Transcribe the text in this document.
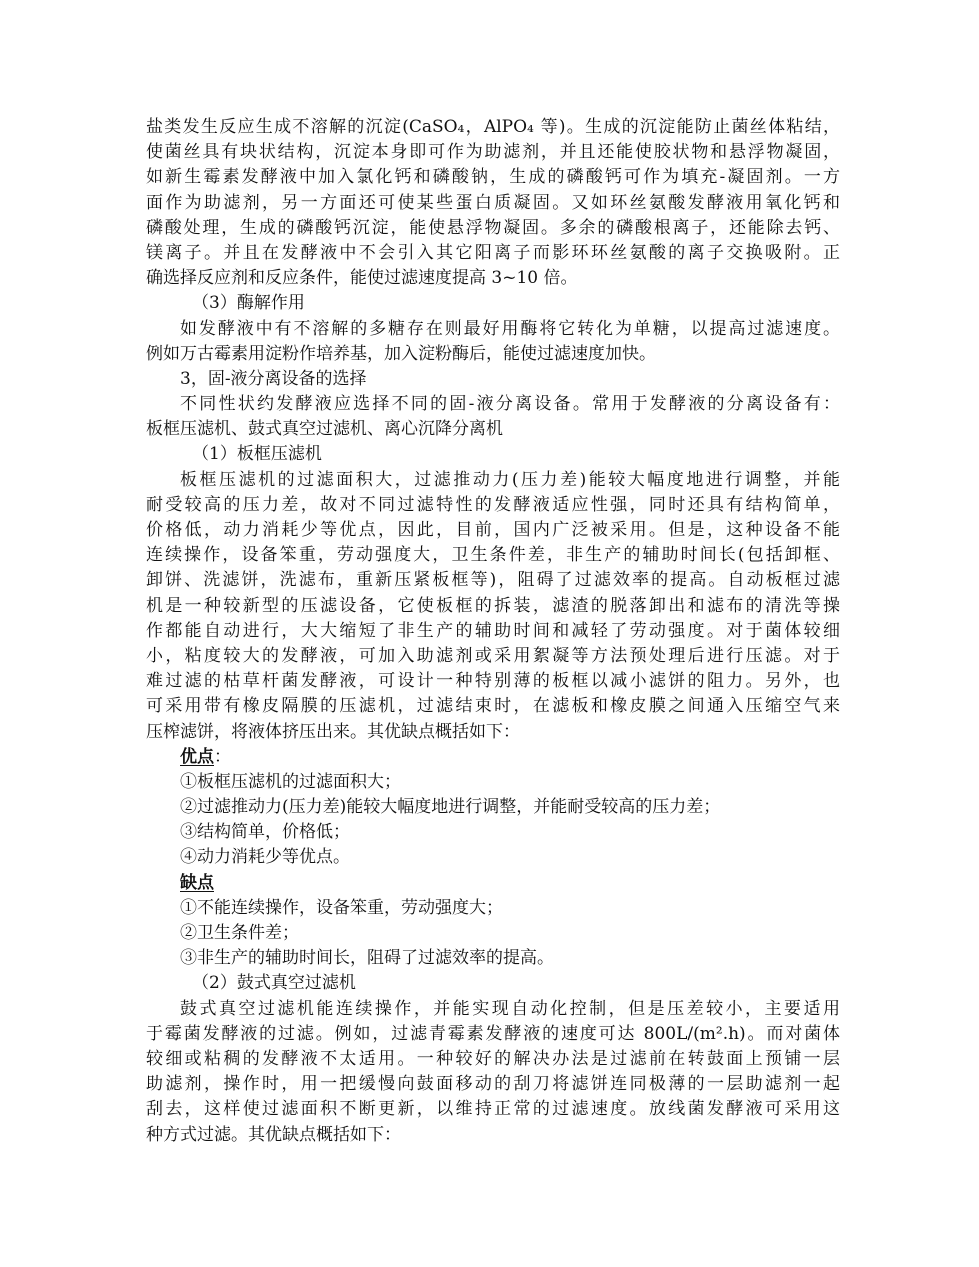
盐类发生反应生成不溶解的沉淀(CaSO₄，AlPO₄ 等)。生成的沉淀能防止菌丝体粘结，
使菌丝具有块状结构，沉淀本身即可作为助滤剂，并且还能使胶状物和悬浮物凝固，
如新生霉素发酵液中加入氯化钙和磷酸钠，生成的磷酸钙可作为填充-凝固剂。一方
面作为助滤剂，另一方面还可使某些蛋白质凝固。又如环丝氨酸发酵液用氧化钙和
磷酸处理，生成的磷酸钙沉淀，能使悬浮物凝固。多余的磷酸根离子，还能除去钙、
镁离子。并且在发酵液中不会引入其它阳离子而影环环丝氨酸的离子交换吸附。正
确选择反应剂和反应条件，能使过滤速度提高 3~10 倍。
（3）酶解作用
如发酵液中有不溶解的多糖存在则最好用酶将它转化为单糖，以提高过滤速度。
例如万古霉素用淀粉作培养基，加入淀粉酶后，能使过滤速度加快。
3，固-液分离设备的选择
不同性状约发酵液应选择不同的固-液分离设备。常用于发酵液的分离设备有：
板框压滤机、鼓式真空过滤机、离心沉降分离机
（1）板框压滤机
板框压滤机的过滤面积大，过滤推动力(压力差)能较大幅度地进行调整，并能
耐受较高的压力差，故对不同过滤特性的发酵液适应性强，同时还具有结构简单，
价格低，动力消耗少等优点，因此，目前，国内广泛被采用。但是，这种设备不能
连续操作，设备笨重，劳动强度大，卫生条件差，非生产的辅助时间长(包括卸框、
卸饼、洗滤饼，洗滤布，重新压紧板框等)，阻碍了过滤效率的提高。自动板框过滤
机是一种较新型的压滤设备，它使板框的拆装，滤渣的脱落卸出和滤布的清洗等操
作都能自动进行，大大缩短了非生产的辅助时间和减轻了劳动强度。对于菌体较细
小，粘度较大的发酵液，可加入助滤剂或采用絮凝等方法预处理后进行压滤。对于
难过滤的枯草杆菌发酵液，可设计一种特别薄的板框以减小滤饼的阻力。另外，也
可采用带有橡皮隔膜的压滤机，过滤结束时，在滤板和橡皮膜之间通入压缩空气来
压榨滤饼，将液体挤压出来。其优缺点概括如下：
优点：
①板框压滤机的过滤面积大；
②过滤推动力(压力差)能较大幅度地进行调整，并能耐受较高的压力差；
③结构简单，价格低；
④动力消耗少等优点。
缺点
①不能连续操作，设备笨重，劳动强度大；
②卫生条件差；
③非生产的辅助时间长，阻碍了过滤效率的提高。
（2）鼓式真空过滤机
鼓式真空过滤机能连续操作，并能实现自动化控制，但是压差较小，主要适用
于霉菌发酵液的过滤。例如，过滤青霉素发酵液的速度可达 800L/(m².h)。而对菌体
较细或粘稠的发酵液不太适用。一种较好的解决办法是过滤前在转鼓面上预铺一层
助滤剂，操作时，用一把缓慢向鼓面移动的刮刀将滤饼连同极薄的一层助滤剂一起
刮去，这样使过滤面积不断更新，以维持正常的过滤速度。放线菌发酵液可采用这
种方式过滤。其优缺点概括如下：
